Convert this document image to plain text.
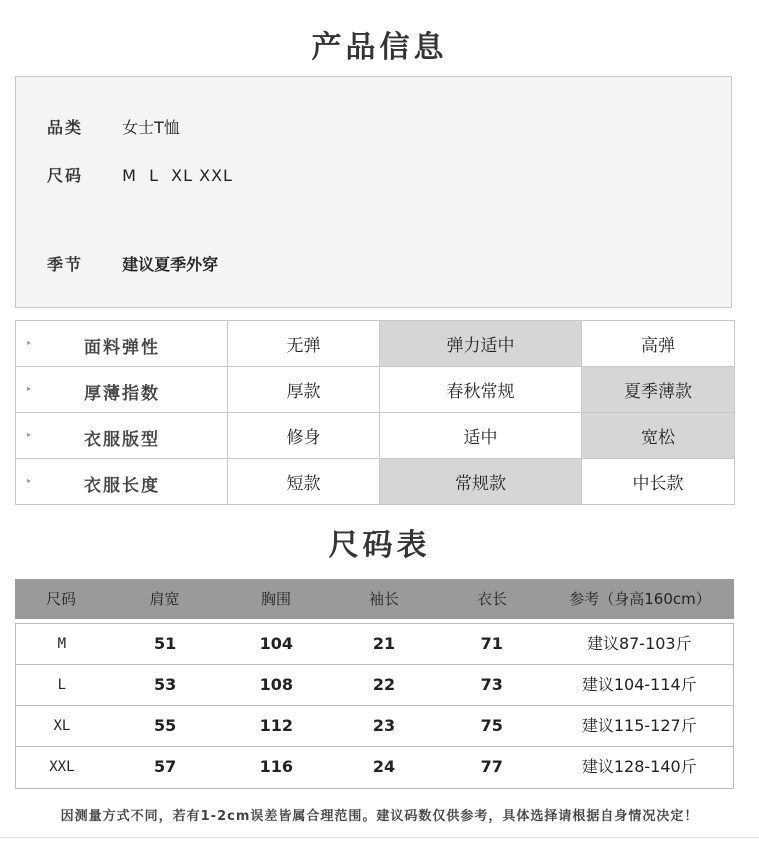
产品信息
品类 女士T恤
尺码 M  L  XL XXL
季节 建议夏季外穿
▸ 面料弹性	无弹	弹力适中	高弹

▸ 厚薄指数	厚款	春秋常规	夏季薄款

▸ 衣服版型	修身	适中	宽松

▸ 衣服长度	短款	常规款	中长款
尺码表
尺码	肩宽	胸围	袖长	衣长	参考（身高160cm）
M	51	104	21	71	建议87-103斤
L	53	108	22	73	建议104-114斤
XL	55	112	23	75	建议115-127斤
XXL	57	116	24	77	建议128-140斤
因测量方式不同，若有1-2cm误差皆属合理范围。建议码数仅供参考，具体选择请根据自身情况决定！
